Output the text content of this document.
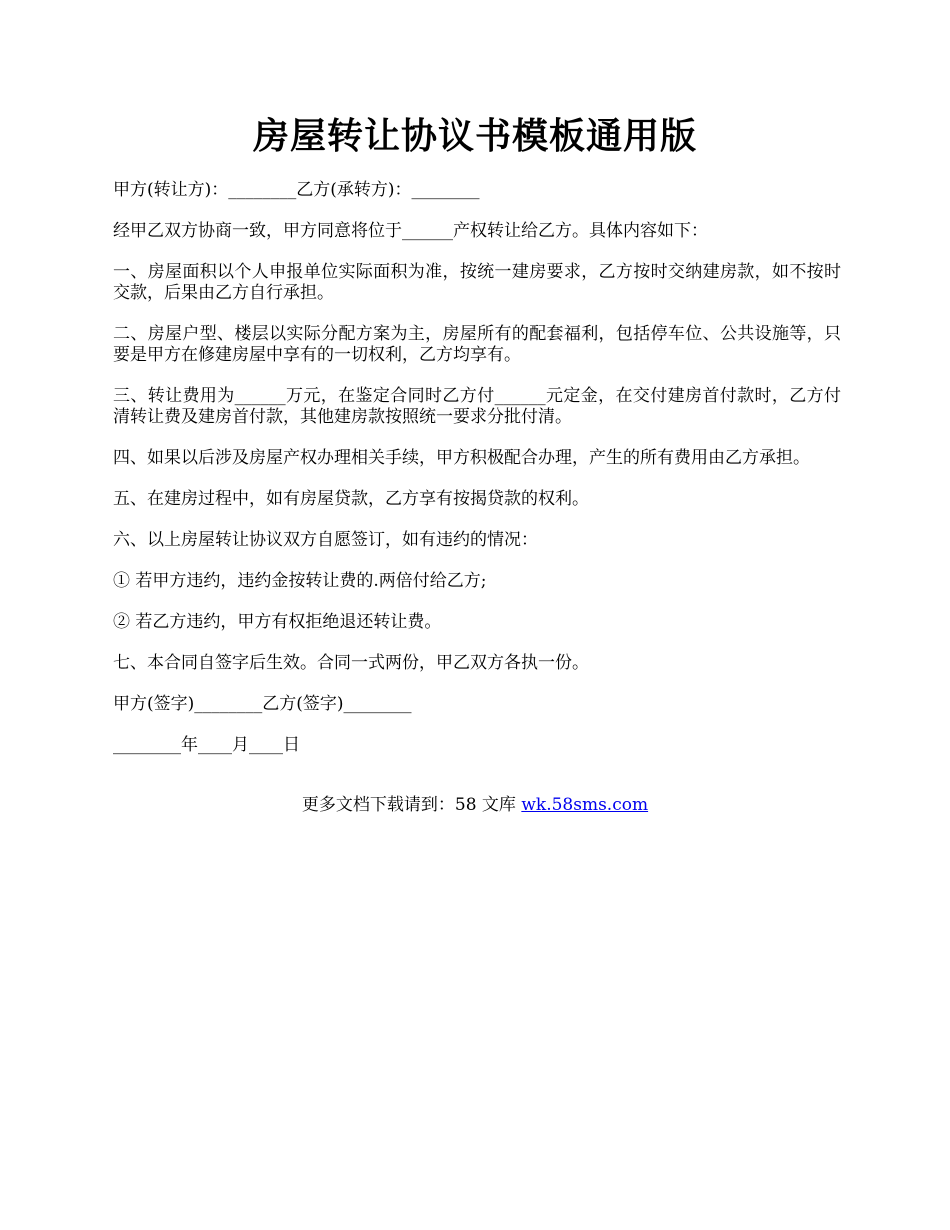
房屋转让协议书模板通用版

甲方(转让方)：________乙方(承转方)：________

经甲乙双方协商一致，甲方同意将位于______产权转让给乙方。具体内容如下：

一、房屋面积以个人申报单位实际面积为准，按统一建房要求，乙方按时交纳建房款，如不按时交款，后果由乙方自行承担。

二、房屋户型、楼层以实际分配方案为主，房屋所有的配套福利，包括停车位、公共设施等，只要是甲方在修建房屋中享有的一切权利，乙方均享有。

三、转让费用为______万元，在鉴定合同时乙方付______元定金，在交付建房首付款时，乙方付清转让费及建房首付款，其他建房款按照统一要求分批付清。

四、如果以后涉及房屋产权办理相关手续，甲方积极配合办理，产生的所有费用由乙方承担。

五、在建房过程中，如有房屋贷款，乙方享有按揭贷款的权利。

六、以上房屋转让协议双方自愿签订，如有违约的情况：

① 若甲方违约，违约金按转让费的.两倍付给乙方;

② 若乙方违约，甲方有权拒绝退还转让费。

七、本合同自签字后生效。合同一式两份，甲乙双方各执一份。

甲方(签字)________乙方(签字)________

________年____月____日

更多文档下载请到：58 文库 wk.58sms.com
